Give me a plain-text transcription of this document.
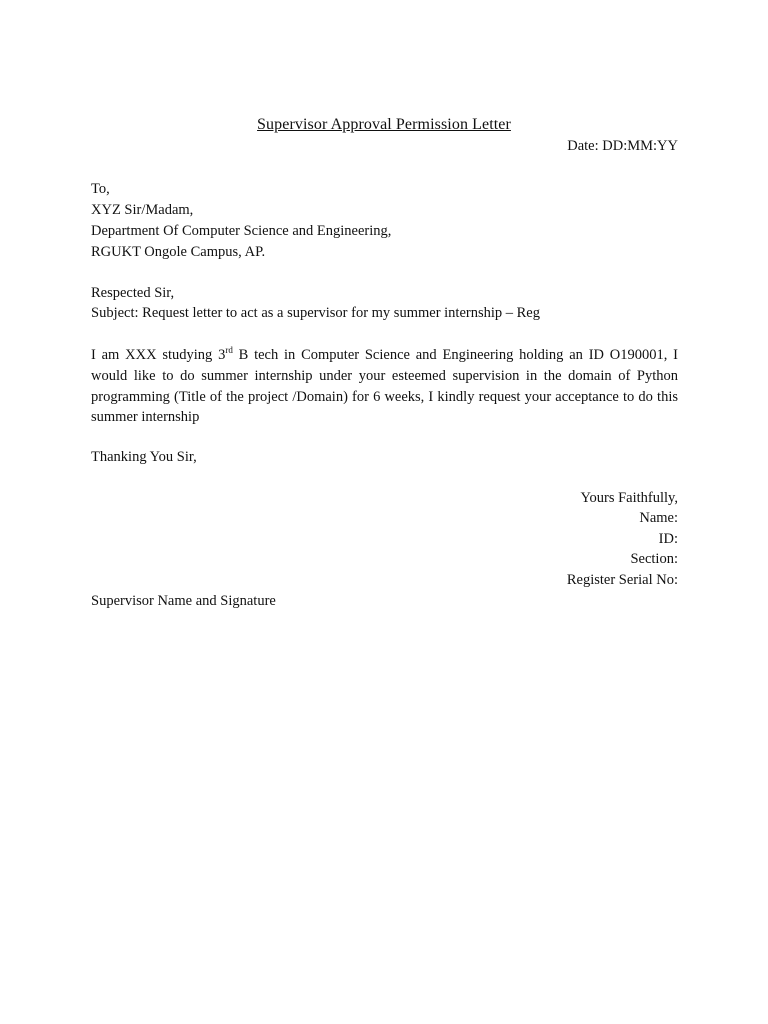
Supervisor Approval Permission Letter
Date: DD:MM:YY
To,
XYZ Sir/Madam,
Department Of Computer Science and Engineering,
RGUKT Ongole Campus, AP.
Respected Sir,
Subject: Request letter to act as a supervisor for my summer internship – Reg
I am XXX studying 3rd B tech in Computer Science and Engineering holding an ID O190001, I would like to do summer internship under your esteemed supervision in the domain of Python programming (Title of the project /Domain) for 6 weeks, I kindly request your acceptance to do this summer internship
Thanking You Sir,
Yours Faithfully,
Name:
ID:
Section:
Register Serial No:
Supervisor Name and Signature
